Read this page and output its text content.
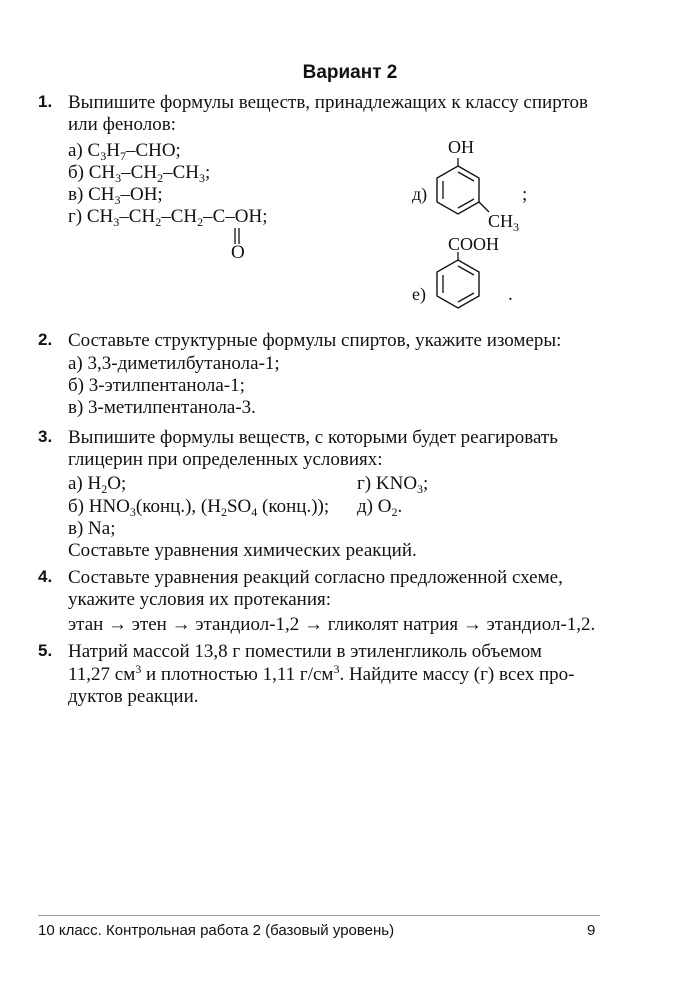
Вариант 2
1. Выпишите формулы веществ, принадлежащих к классу спиртов
или фенолов:
а) $C_3H_7$–CHO;
б) $CH_3-CH_2-CH_3$;
в) $CH_3-OH$;
г) $CH_3-CH_2-CH_2-C-OH$;
O
д)
OH
$CH_3$
;
COOH
е)	.
2. Составьте структурные формулы спиртов, укажите изомеры:
а) 3,3-диметилбутанола-1;
б) 3-этилпентанола-1;
в) 3-метилпентанола-3.
3. Выпишите формулы веществ, с которыми будет реагировать
глицерин при определенных условиях:
а) $H_2O$;	г) $KNO_3$;
б) $HNO_3(конц.)$, ($H_2SO_4$ (конц.)); д) $O_2$.
в) Na;
Составьте уравнения химических реакций.
4. Составьте уравнения реакций согласно предложенной схеме,
укажите условия их протекания:
этан → этен → этандиол-1,2 → гликолят натрия → этандиол-1,2.
5. Натрий массой 13,8 г поместили в этиленгликоль объемом
11,27 $см^3$ и плотностью 1,11 $г/см^3$. Найдите массу (г) всех про-
дуктов реакции.
10 класс. Контрольная работа 2 (базовый уровень)	9
